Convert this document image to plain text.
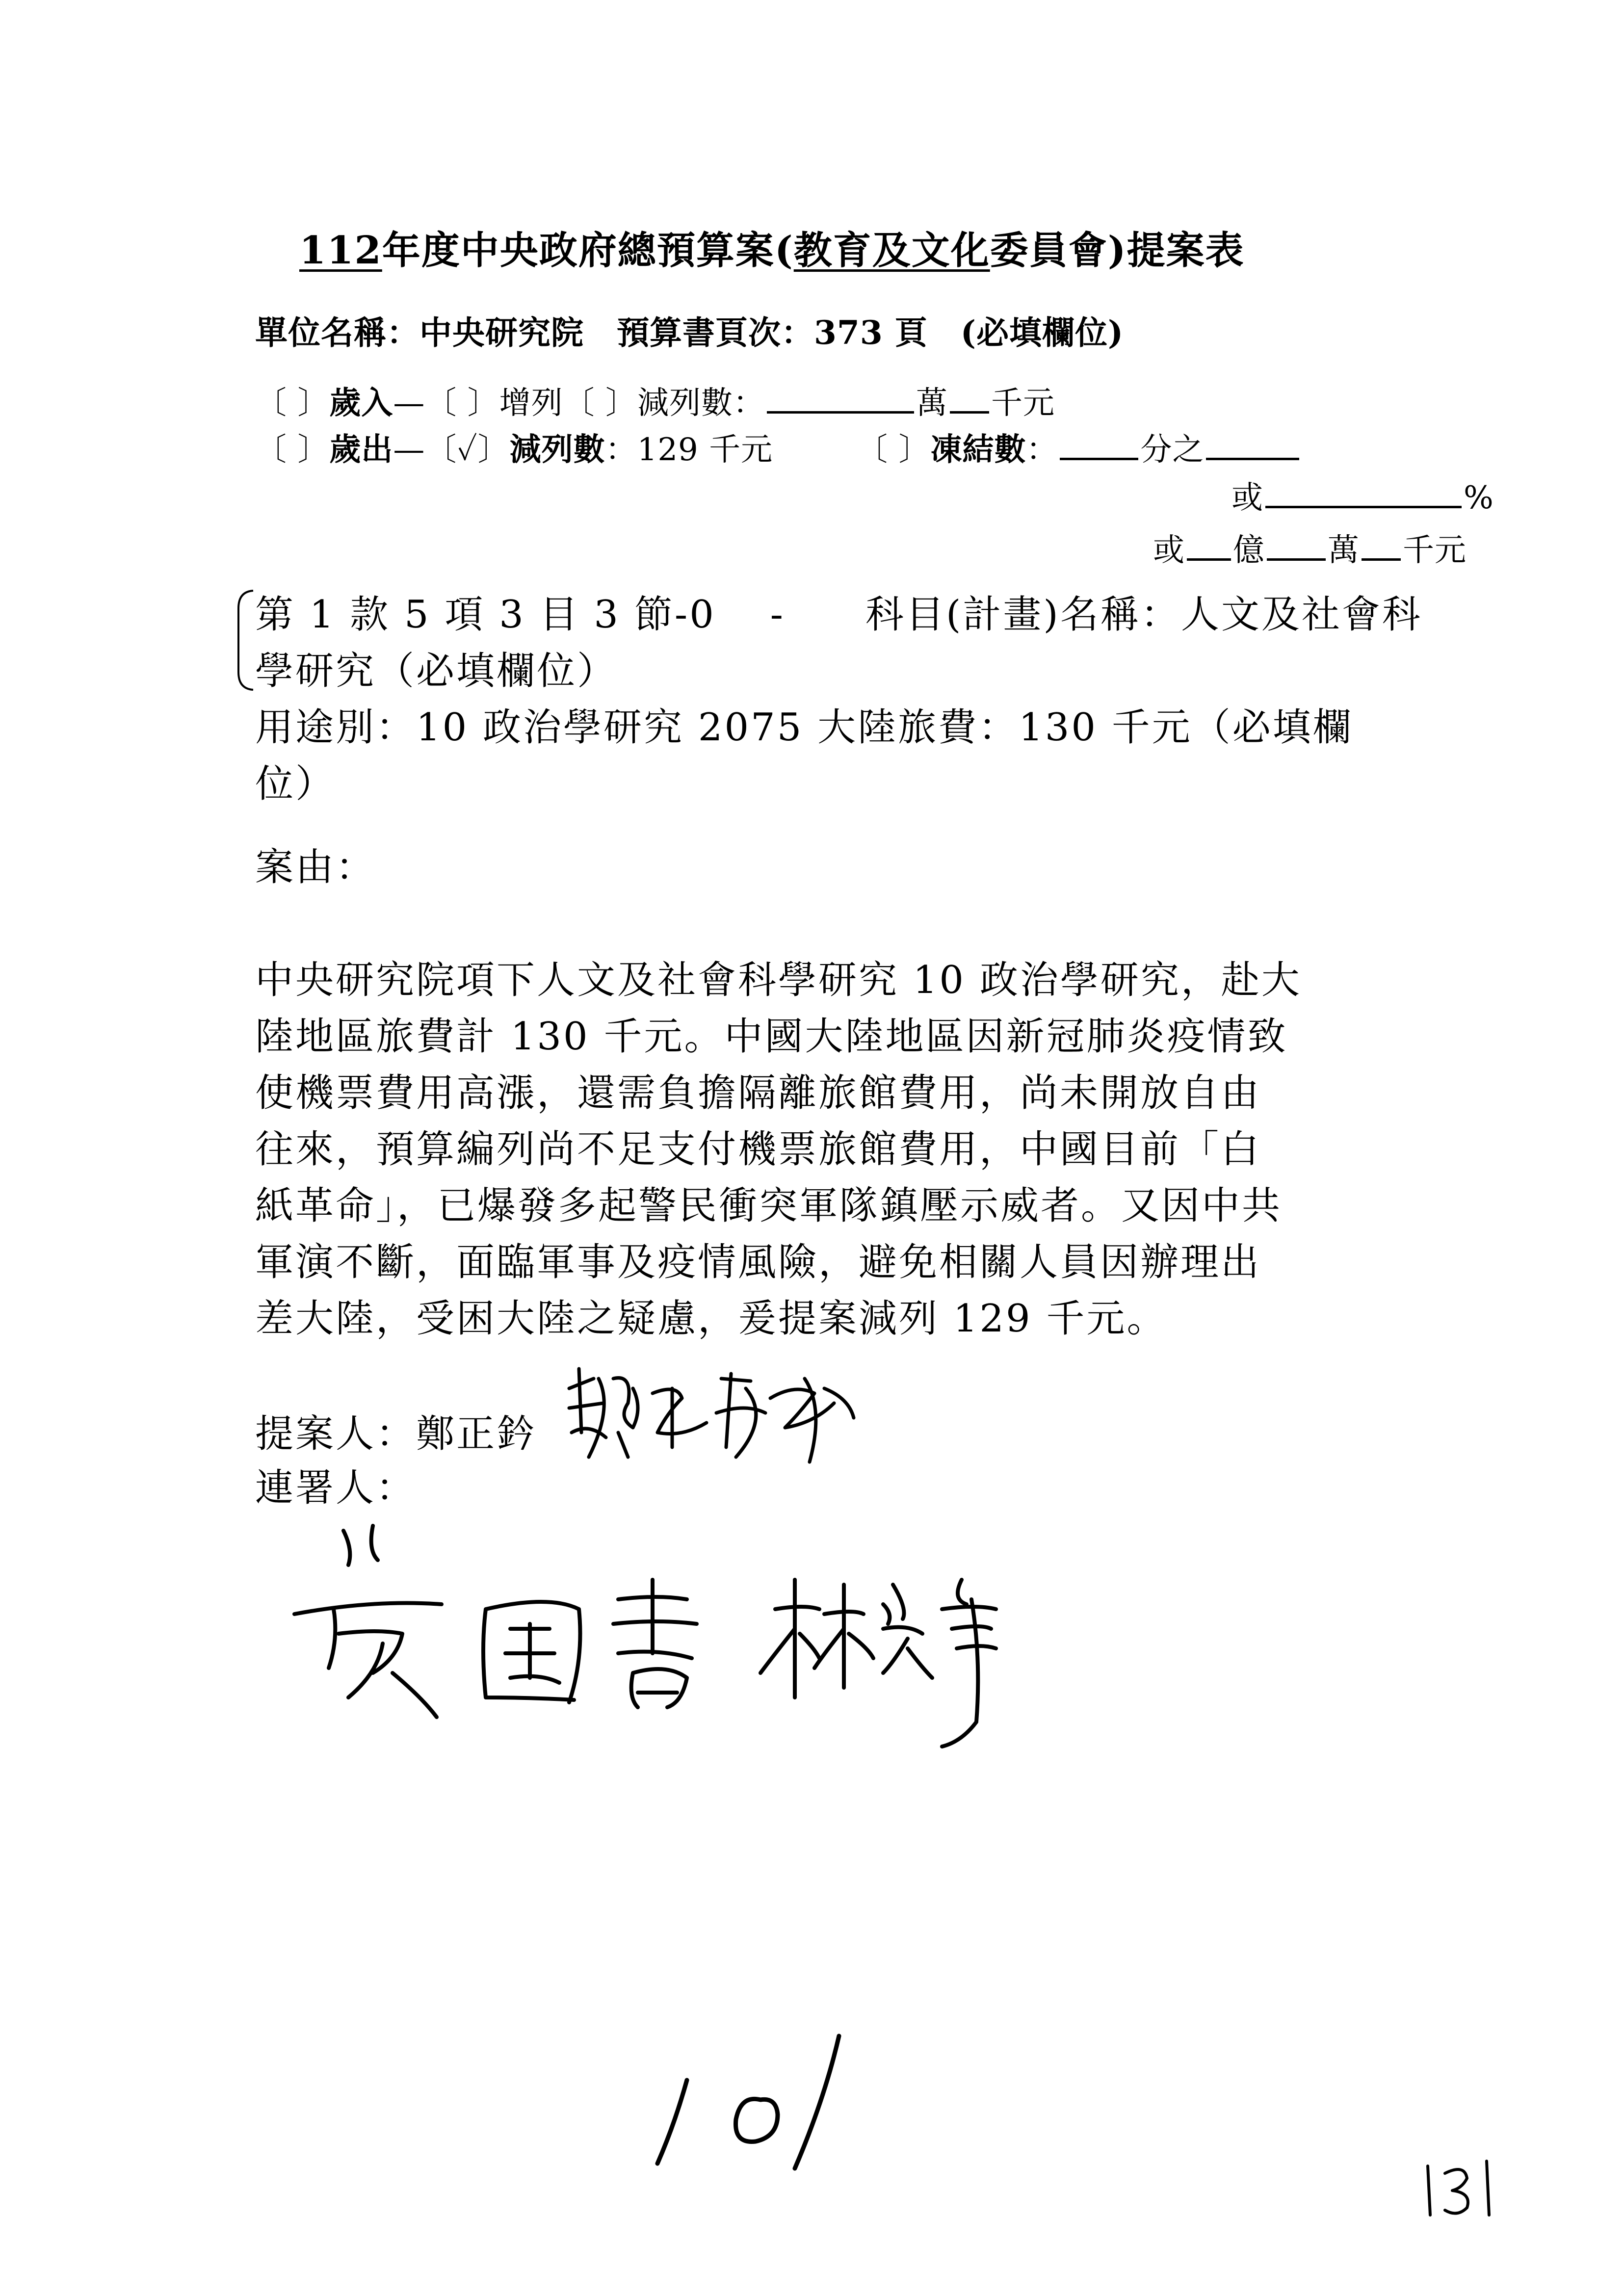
112年度中央政府總預算案(教育及文化委員會)提案表
單位名稱：中央研究院　預算書頁次：373 頁　(必填欄位)
〔 〕歲入—〔 〕增列〔 〕減列數：	萬 千元
〔 〕歲出—〔✓〕減列數：129 千元	〔 〕凍結數：	分之
或	%
或 億 萬 千元
第 1 款 5 項 3 目 3 節-0　 -　　科目(計畫)名稱：人文及社會科
學研究（必填欄位）
用途別：10 政治學研究 2075 大陸旅費：130 千元（必填欄
位）
案由：
中央研究院項下人文及社會科學研究 10 政治學研究，赴大
陸地區旅費計 130 千元。中國大陸地區因新冠肺炎疫情致
使機票費用高漲，還需負擔隔離旅館費用，尚未開放自由
往來，預算編列尚不足支付機票旅館費用，中國目前「白
紙革命」，已爆發多起警民衝突軍隊鎮壓示威者。又因中共
軍演不斷，面臨軍事及疫情風險，避免相關人員因辦理出
差大陸，受困大陸之疑慮，爰提案減列 129 千元。
提案人：鄭正鈐
連署人：
